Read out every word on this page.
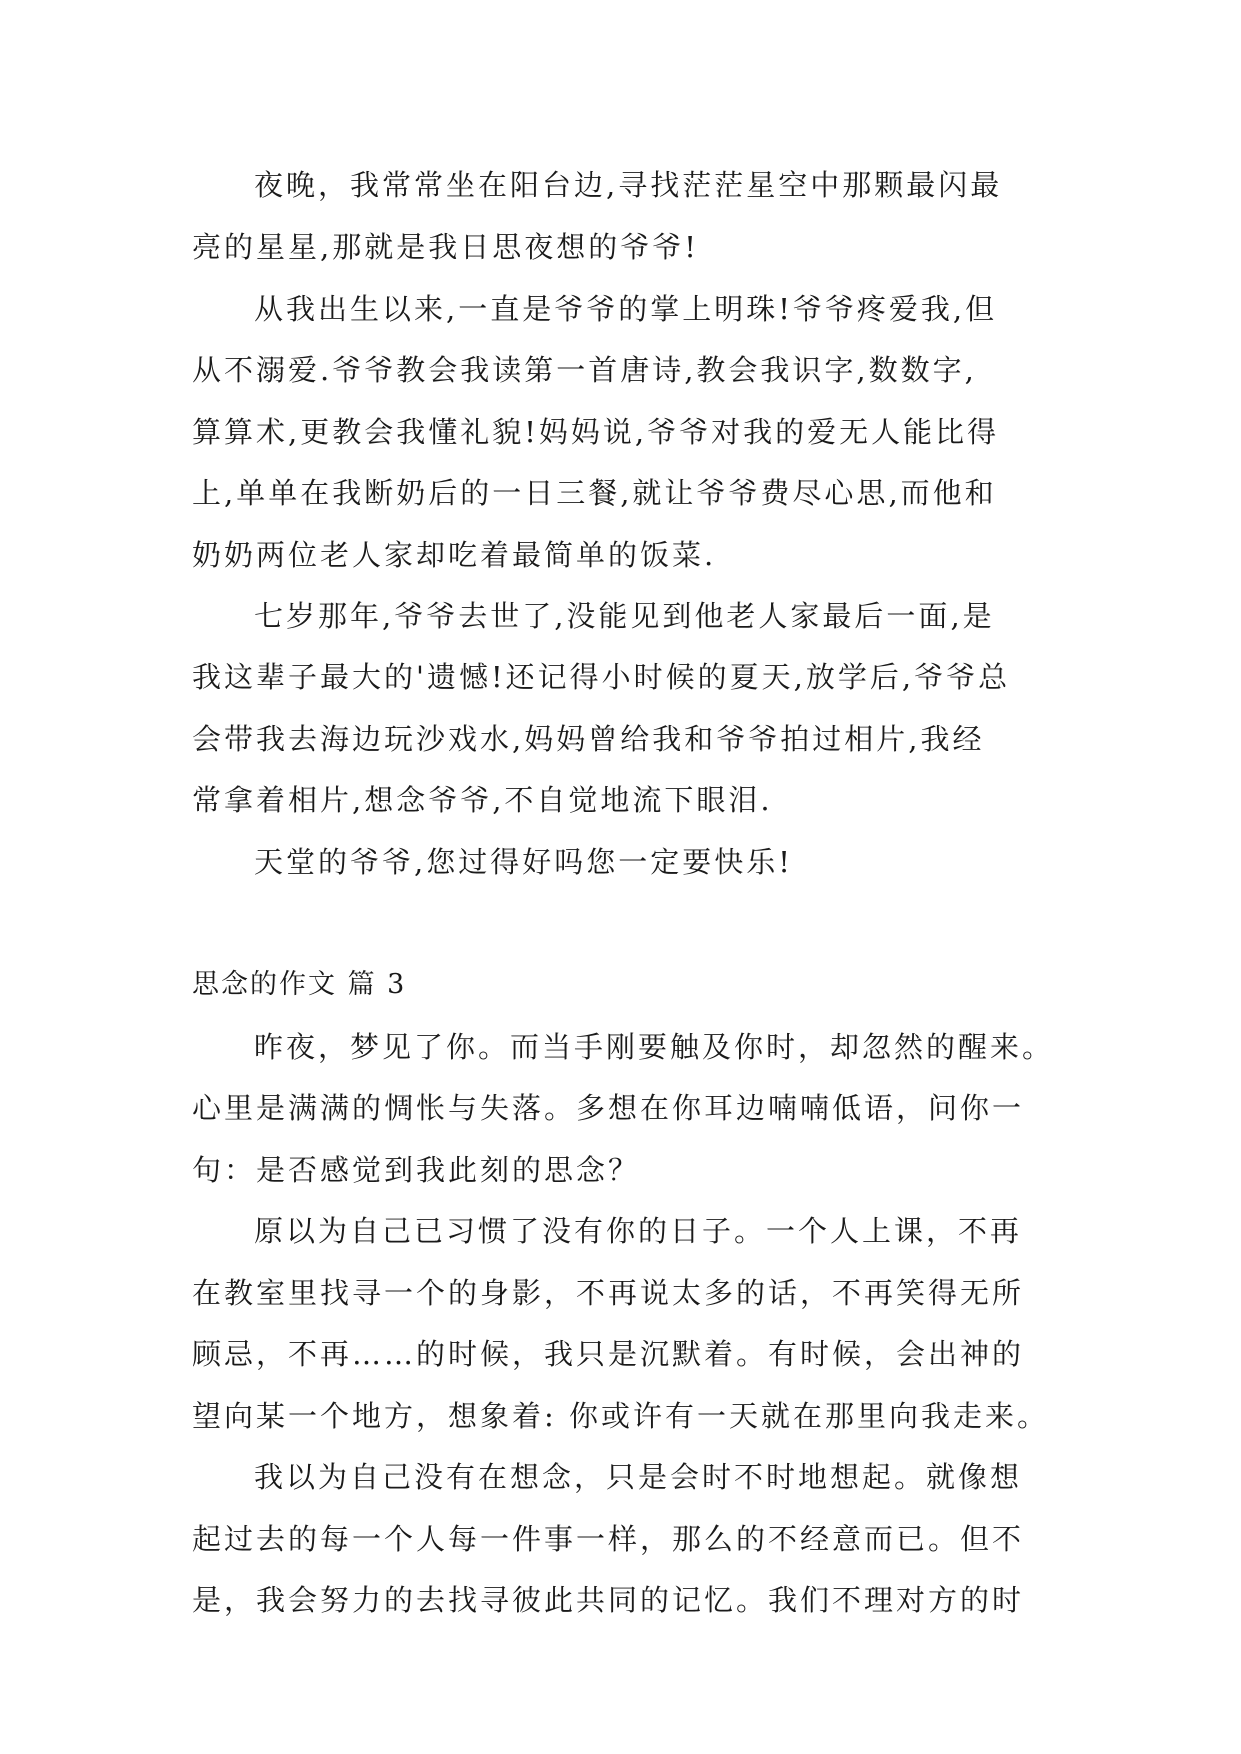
夜晚，我常常坐在阳台边,寻找茫茫星空中那颗最闪最
亮的星星,那就是我日思夜想的爷爷!
从我出生以来,一直是爷爷的掌上明珠!爷爷疼爱我,但
从不溺爱.爷爷教会我读第一首唐诗,教会我识字,数数字,
算算术,更教会我懂礼貌!妈妈说,爷爷对我的爱无人能比得
上,单单在我断奶后的一日三餐,就让爷爷费尽心思,而他和
奶奶两位老人家却吃着最简单的饭菜.
七岁那年,爷爷去世了,没能见到他老人家最后一面,是
我这辈子最大的'遗憾!还记得小时候的夏天,放学后,爷爷总
会带我去海边玩沙戏水,妈妈曾给我和爷爷拍过相片,我经
常拿着相片,想念爷爷,不自觉地流下眼泪.
天堂的爷爷,您过得好吗您一定要快乐!
思念的作文 篇 3
昨夜，梦见了你。而当手刚要触及你时，却忽然的醒来。
心里是满满的惆怅与失落。多想在你耳边喃喃低语，问你一
句：是否感觉到我此刻的思念？
原以为自己已习惯了没有你的日子。一个人上课，不再
在教室里找寻一个的身影，不再说太多的话，不再笑得无所
顾忌，不再……的时候，我只是沉默着。有时候，会出神的
望向某一个地方，想象着: 你或许有一天就在那里向我走来。
我以为自己没有在想念，只是会时不时地想起。就像想
起过去的每一个人每一件事一样，那么的不经意而已。但不
是，我会努力的去找寻彼此共同的记忆。我们不理对方的时
